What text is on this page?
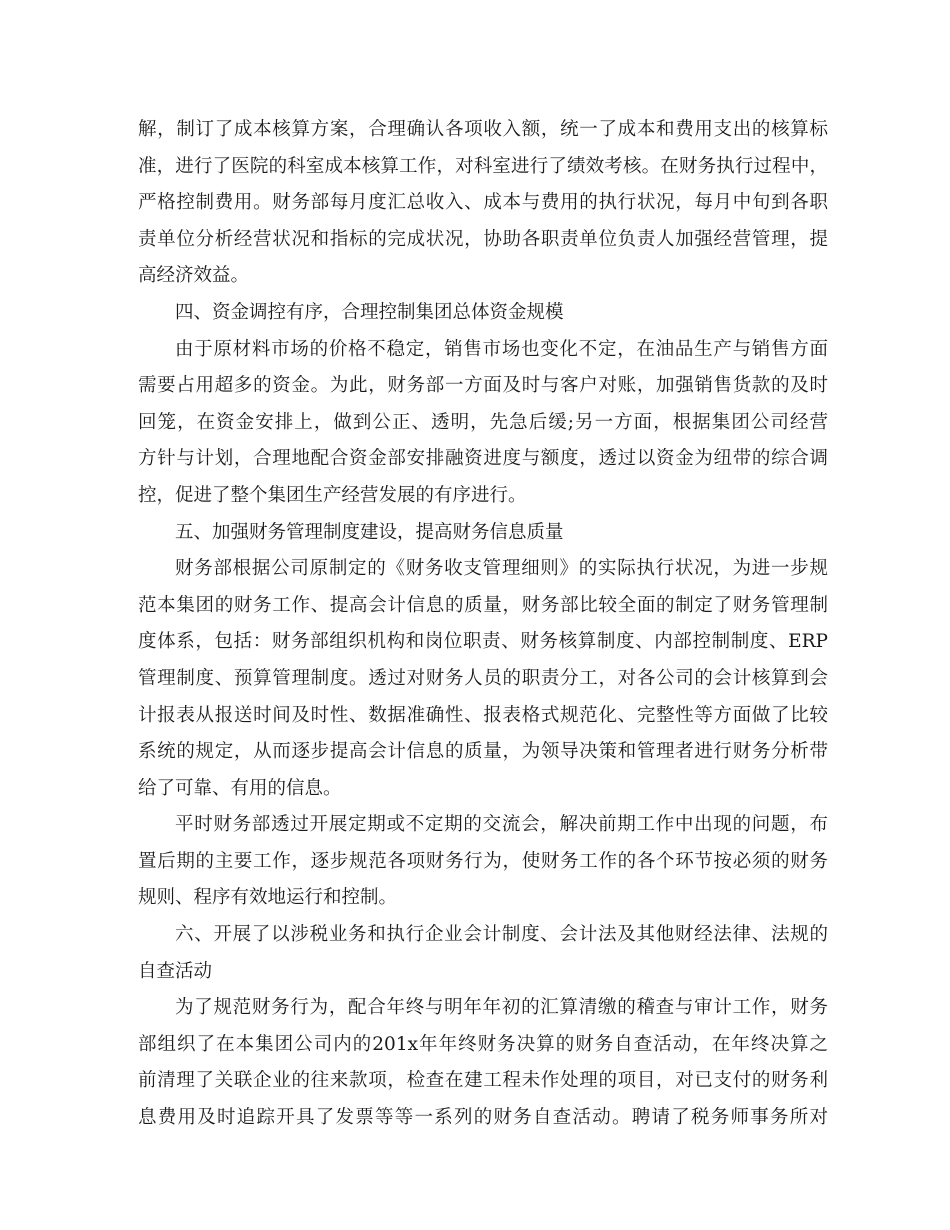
解，制订了成本核算方案，合理确认各项收入额，统一了成本和费用支出的核算标
准，进行了医院的科室成本核算工作，对科室进行了绩效考核。在财务执行过程中，
严格控制费用。财务部每月度汇总收入、成本与费用的执行状况，每月中旬到各职
责单位分析经营状况和指标的完成状况，协助各职责单位负责人加强经营管理，提
高经济效益。
四、资金调控有序，合理控制集团总体资金规模
由于原材料市场的价格不稳定，销售市场也变化不定，在油品生产与销售方面
需要占用超多的资金。为此，财务部一方面及时与客户对账，加强销售货款的及时
回笼，在资金安排上，做到公正、透明，先急后缓;另一方面，根据集团公司经营
方针与计划，合理地配合资金部安排融资进度与额度，透过以资金为纽带的综合调
控，促进了整个集团生产经营发展的有序进行。
五、加强财务管理制度建设，提高财务信息质量
财务部根据公司原制定的《财务收支管理细则》的实际执行状况，为进一步规
范本集团的财务工作、提高会计信息的质量，财务部比较全面的制定了财务管理制
度体系，包括：财务部组织机构和岗位职责、财务核算制度、内部控制制度、ERP
管理制度、预算管理制度。透过对财务人员的职责分工，对各公司的会计核算到会
计报表从报送时间及时性、数据准确性、报表格式规范化、完整性等方面做了比较
系统的规定，从而逐步提高会计信息的质量，为领导决策和管理者进行财务分析带
给了可靠、有用的信息。
平时财务部透过开展定期或不定期的交流会，解决前期工作中出现的问题，布
置后期的主要工作，逐步规范各项财务行为，使财务工作的各个环节按必须的财务
规则、程序有效地运行和控制。
六、开展了以涉税业务和执行企业会计制度、会计法及其他财经法律、法规的
自查活动
为了规范财务行为，配合年终与明年年初的汇算清缴的稽查与审计工作，财务
部组织了在本集团公司内的201x年年终财务决算的财务自查活动，在年终决算之
前清理了关联企业的往来款项，检查在建工程未作处理的项目，对已支付的财务利
息费用及时追踪开具了发票等等一系列的财务自查活动。聘请了税务师事务所对
